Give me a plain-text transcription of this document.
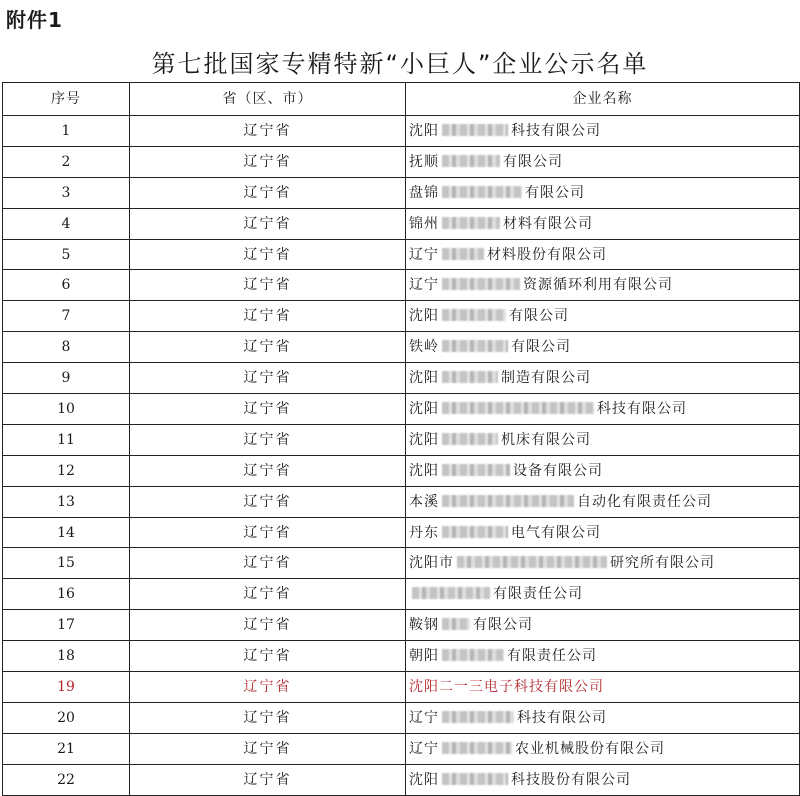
附件1
第七批国家专精特新“小巨人”企业公示名单
序号	省（区、市）	企业名称
1	辽宁省	沈阳 科技有限公司
2	辽宁省	抚顺 有限公司
3	辽宁省	盘锦 有限公司
4	辽宁省	锦州 材料有限公司
5	辽宁省	辽宁 材料股份有限公司
6	辽宁省	辽宁 资源循环利用有限公司
7	辽宁省	沈阳 有限公司
8	辽宁省	铁岭 有限公司
9	辽宁省	沈阳 制造有限公司
10	辽宁省	沈阳 科技有限公司
11	辽宁省	沈阳 机床有限公司
12	辽宁省	沈阳 设备有限公司
13	辽宁省	本溪 自动化有限责任公司
14	辽宁省	丹东 电气有限公司
15	辽宁省	沈阳市 研究所有限公司
16	辽宁省	有限责任公司
17	辽宁省	鞍钢 有限公司
18	辽宁省	朝阳 有限责任公司
19	辽宁省	沈阳二一三电子科技有限公司
20	辽宁省	辽宁 科技有限公司
21	辽宁省	辽宁 农业机械股份有限公司
22	辽宁省	沈阳 科技股份有限公司
